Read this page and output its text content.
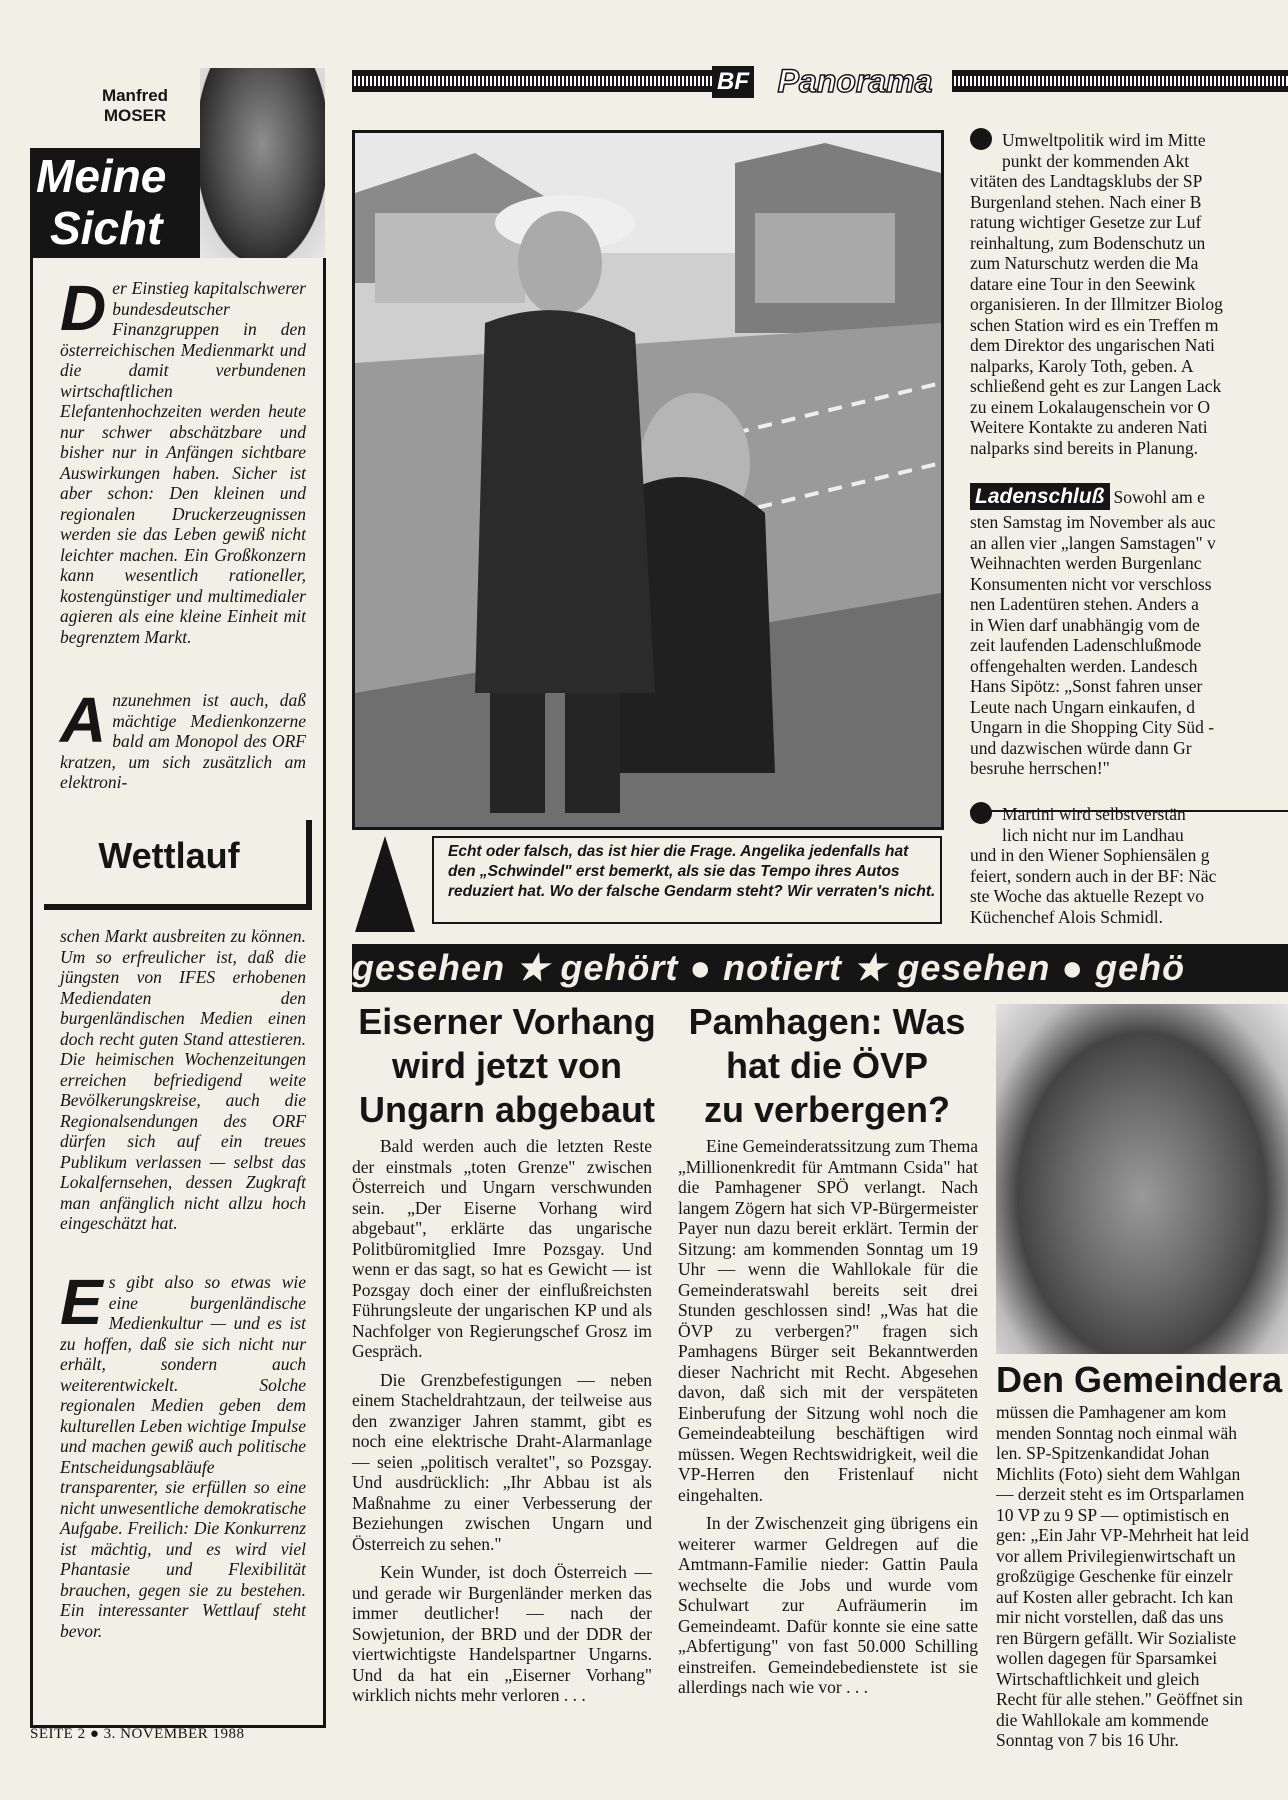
Manfred
MOSER
Meine
Sicht
Der Einstieg kapitalschwerer bundesdeutscher Finanzgruppen in den österreichischen Medienmarkt und die damit verbundenen wirtschaftlichen Elefantenhochzeiten werden heute nur schwer abschätzbare und bisher nur in Anfängen sichtbare Auswirkungen haben. Sicher ist aber schon: Den kleinen und regionalen Druckerzeugnissen werden sie das Leben gewiß nicht leichter machen. Ein Großkonzern kann wesentlich rationeller, kostengünstiger und multimedialer agieren als eine kleine Einheit mit begrenztem Markt.
Anzunehmen ist auch, daß mächtige Medienkonzerne bald am Monopol des ORF kratzen, um sich zusätzlich am elektroni-
Wettlauf
schen Markt ausbreiten zu können. Um so erfreulicher ist, daß die jüngsten von IFES erhobenen Mediendaten den burgenländischen Medien einen doch recht guten Stand attestieren. Die heimischen Wochenzeitungen erreichen befriedigend weite Bevölkerungskreise, auch die Regionalsendungen des ORF dürfen sich auf ein treues Publikum verlassen — selbst das Lokalfernsehen, dessen Zugkraft man anfänglich nicht allzu hoch eingeschätzt hat.
Es gibt also so etwas wie eine burgenländische Medienkultur — und es ist zu hoffen, daß sie sich nicht nur erhält, sondern auch weiterentwickelt. Solche regionalen Medien geben dem kulturellen Leben wichtige Impulse und machen gewiß auch politische Entscheidungsabläufe transparenter, sie erfüllen so eine nicht unwesentliche demokratische Aufgabe. Freilich: Die Konkurrenz ist mächtig, und es wird viel Phantasie und Flexibilität brauchen, gegen sie zu bestehen. Ein interessanter Wettlauf steht bevor.
SEITE 2 ● 3. NOVEMBER 1988
BF Panorama
Echt oder falsch, das ist hier die Frage. Angelika jedenfalls hat den „Schwindel" erst bemerkt, als sie das Tempo ihres Autos reduziert hat. Wo der falsche Gendarm steht? Wir verraten's nicht.
Umweltpolitik wird im Mitte
punkt der kommenden Akt
vitäten des Landtagsklubs der SP
Burgenland stehen. Nach einer B
ratung wichtiger Gesetze zur Luf
reinhaltung, zum Bodenschutz un
zum Naturschutz werden die Ma
datare eine Tour in den Seewink
organisieren. In der Illmitzer Biolog
schen Station wird es ein Treffen m
dem Direktor des ungarischen Nati
nalparks, Karoly Toth, geben. A
schließend geht es zur Langen Lack
zu einem Lokalaugenschein vor O
Weitere Kontakte zu anderen Nati
nalparks sind bereits in Planung.
Ladenschluß Sowohl am e
sten Samstag im November als auc
an allen vier „langen Samstagen" v
Weihnachten werden Burgenlanc
Konsumenten nicht vor verschloss
nen Ladentüren stehen. Anders a
in Wien darf unabhängig vom de
zeit laufenden Ladenschlußmode
offengehalten werden. Landesch
Hans Sipötz: „Sonst fahren unser
Leute nach Ungarn einkaufen, d
Ungarn in die Shopping City Süd -
und dazwischen würde dann Gr
besruhe herrschen!"
Martini wird selbstverstän
lich nicht nur im Landhau
und in den Wiener Sophiensälen g
feiert, sondern auch in der BF: Näc
ste Woche das aktuelle Rezept vo
Küchenchef Alois Schmidl.
gesehen ★ gehört ● notiert ★ gesehen ● gehö
Eiserner Vorhang
wird jetzt von
Ungarn abgebaut

Bald werden auch die letzten Reste der einstmals „toten Grenze" zwischen Österreich und Ungarn verschwunden sein. „Der Eiserne Vorhang wird abgebaut", erklärte das ungarische Politbüromitglied Imre Pozsgay. Und wenn er das sagt, so hat es Gewicht — ist Pozsgay doch einer der einflußreichsten Führungsleute der ungarischen KP und als Nachfolger von Regierungschef Grosz im Gespräch.

Die Grenzbefestigungen — neben einem Stacheldrahtzaun, der teilweise aus den zwanziger Jahren stammt, gibt es noch eine elektrische Draht-Alarmanlage — seien „politisch veraltet", so Pozsgay. Und ausdrücklich: „Ihr Abbau ist als Maßnahme zu einer Verbesserung der Beziehungen zwischen Ungarn und Österreich zu sehen."

Kein Wunder, ist doch Österreich — und gerade wir Burgenländer merken das immer deutlicher! — nach der Sowjetunion, der BRD und der DDR der viertwichtigste Handelspartner Ungarns. Und da hat ein „Eiserner Vorhang" wirklich nichts mehr verloren . . .

Pamhagen: Was
hat die ÖVP
zu verbergen?

Eine Gemeinderatssitzung zum Thema „Millionenkredit für Amtmann Csida" hat die Pamhagener SPÖ verlangt. Nach langem Zögern hat sich VP-Bürgermeister Payer nun dazu bereit erklärt. Termin der Sitzung: am kommenden Sonntag um 19 Uhr — wenn die Wahllokale für die Gemeinderatswahl bereits seit drei Stunden geschlossen sind! „Was hat die ÖVP zu verbergen?" fragen sich Pamhagens Bürger seit Bekanntwerden dieser Nachricht mit Recht. Abgesehen davon, daß sich mit der verspäteten Einberufung der Sitzung wohl noch die Gemeindeabteilung beschäftigen wird müssen. Wegen Rechtswidrigkeit, weil die VP-Herren den Fristenlauf nicht eingehalten.

In der Zwischenzeit ging übrigens ein weiterer warmer Geldregen auf die Amtmann-Familie nieder: Gattin Paula wechselte die Jobs und wurde vom Schulwart zur Aufräumerin im Gemeindeamt. Dafür konnte sie eine satte „Abfertigung" von fast 50.000 Schilling einstreifen. Gemeindebedienstete ist sie allerdings nach wie vor . . .

Den Gemeindera
müssen die Pamhagener am kom
menden Sonntag noch einmal wäh
len. SP-Spitzenkandidat Johan
Michlits (Foto) sieht dem Wahlgan
— derzeit steht es im Ortsparlamen
10 VP zu 9 SP — optimistisch en
gen: „Ein Jahr VP-Mehrheit hat leid
vor allem Privilegienwirtschaft un
großzügige Geschenke für einzelr
auf Kosten aller gebracht. Ich kan
mir nicht vorstellen, daß das uns
ren Bürgern gefällt. Wir Sozialiste
wollen dagegen für Sparsamkei
Wirtschaftlichkeit und gleich
Recht für alle stehen." Geöffnet sin
die Wahllokale am kommende
Sonntag von 7 bis 16 Uhr.
